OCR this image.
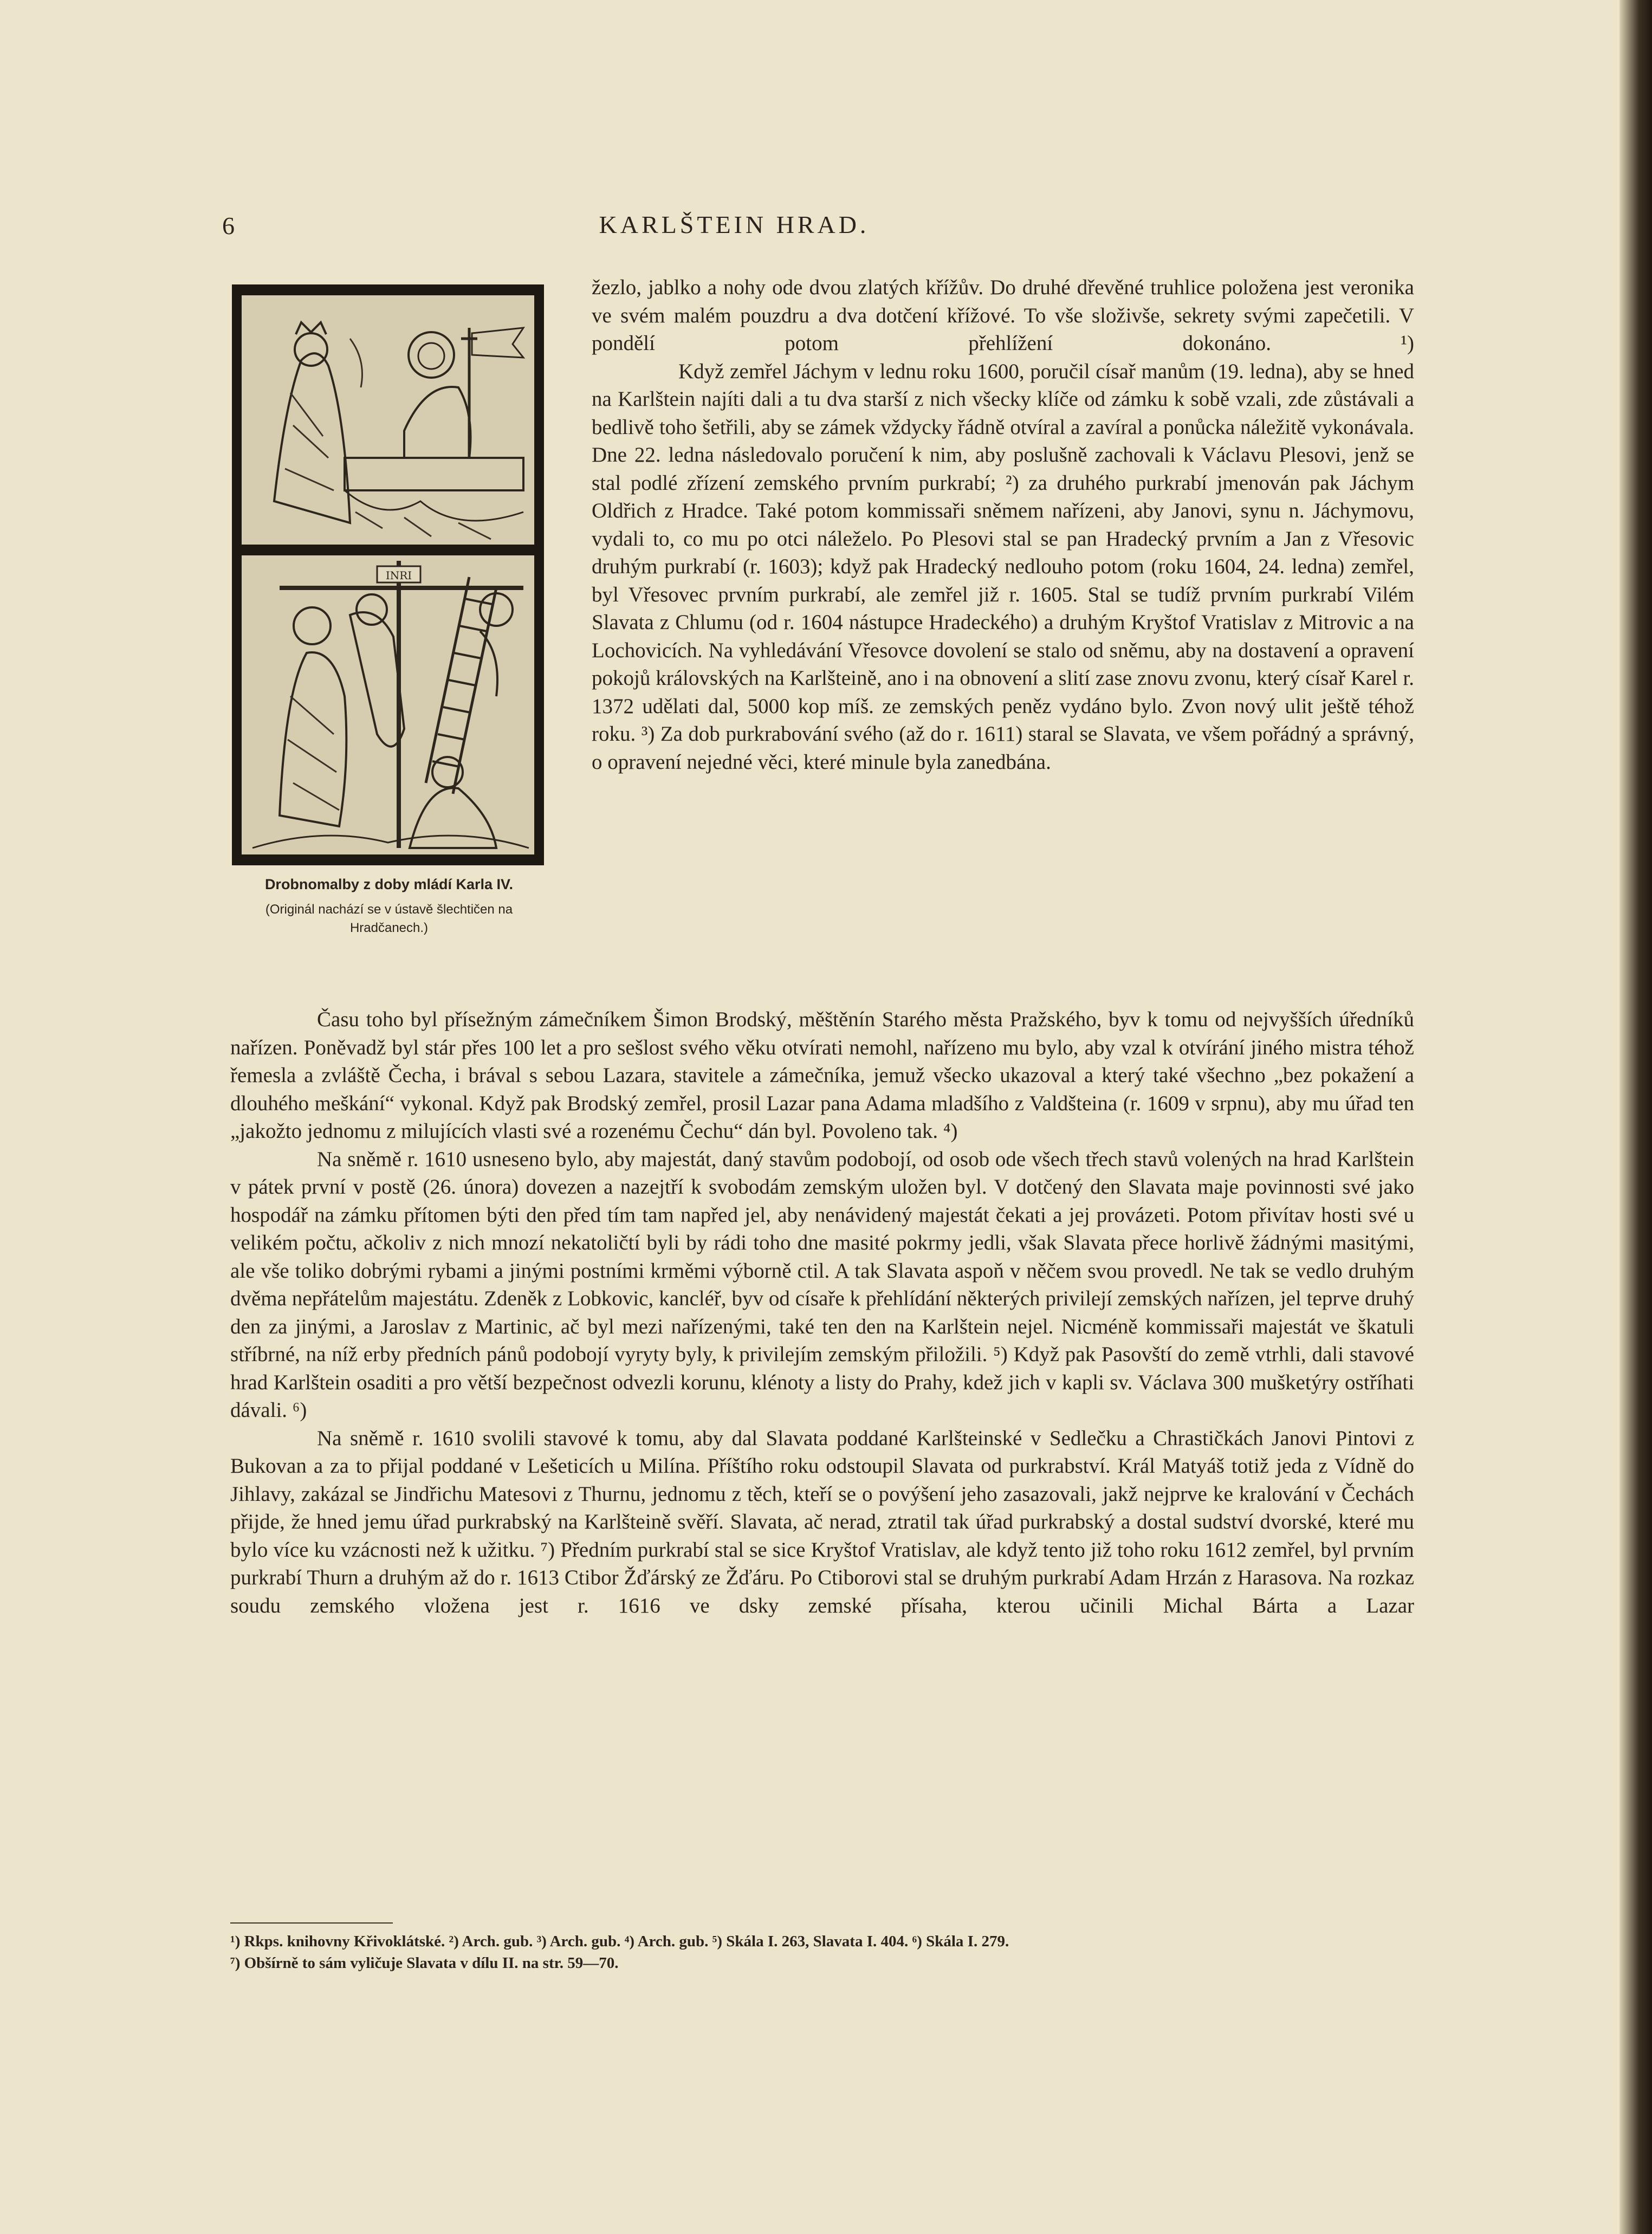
6	KARLŠTEIN HRAD.
INRI
Drobnomalby z doby mládí Karla IV.
(Originál nachází se v ústavě šlechtičen na Hradčanech.)

žezlo, jablko a nohy ode dvou zlatých křížův. Do druhé dřevěné truhlice položena jest veronika ve svém malém pouzdru a dva dotčení křížové. To vše složivše, sekrety svými zapečetili. V pondělí potom přehlížení dokonáno. ¹)

Když zemřel Jáchym v lednu roku 1600, poručil císař manům (19. ledna), aby se hned na Karlštein najíti dali a tu dva starší z nich všecky klíče od zámku k sobě vzali, zde zůstávali a bedlivě toho šetřili, aby se zámek vždycky řádně otvíral a zavíral a ponůcka náležitě vykonávala. Dne 22. ledna následovalo poručení k nim, aby poslušně zachovali k Václavu Plesovi, jenž se stal podlé zřízení zemského prvním purkrabí; ²) za druhého purkrabí jmenován pak Jáchym Oldřich z Hradce. Také potom kommissaři sněmem nařízeni, aby Janovi, synu n. Jáchymovu, vydali to, co mu po otci náleželo. Po Plesovi stal se pan Hradecký prvním a Jan z Vřesovic druhým purkrabí (r. 1603); když pak Hradecký nedlouho potom (roku 1604, 24. ledna) zemřel, byl Vřesovec prvním purkrabí, ale zemřel již r. 1605. Stal se tudíž prvním purkrabí Vilém Slavata z Chlumu (od r. 1604 nástupce Hradeckého) a druhým Kryštof Vratislav z Mitrovic a na Lochovicích. Na vyhledávání Vřesovce dovolení se stalo od sněmu, aby na dostavení a opravení pokojů královských na Karlšteině, ano i na obnovení a slití zase znovu zvonu, který císař Karel r. 1372 udělati dal, 5000 kop míš. ze zemských peněz vydáno bylo. Zvon nový ulit ještě téhož roku. ³) Za dob purkrabování svého (až do r. 1611) staral se Slavata, ve všem pořádný a správný, o opravení nejedné věci, které minule byla zanedbána.

Času toho byl přísežným zámečníkem Šimon Brodský, měštěnín Starého města Pražského, byv k tomu od nejvyšších úředníků nařízen. Poněvadž byl stár přes 100 let a pro sešlost svého věku otvírati nemohl, nařízeno mu bylo, aby vzal k otvírání jiného mistra téhož řemesla a zvláště Čecha, i brával s sebou Lazara, stavitele a zámečníka, jemuž všecko ukazoval a který také všechno „bez pokažení a dlouhého meškání“ vykonal. Když pak Brodský zemřel, prosil Lazar pana Adama mladšího z Valdšteina (r. 1609 v srpnu), aby mu úřad ten „jakožto jednomu z milujících vlasti své a rozenému Čechu“ dán byl. Povoleno tak. ⁴)

Na sněmě r. 1610 usneseno bylo, aby majestát, daný stavům podobojí, od osob ode všech třech stavů volených na hrad Karlštein v pátek první v postě (26. února) dovezen a nazejtří k svobodám zemským uložen byl. V dotčený den Slavata maje povinnosti své jako hospodář na zámku přítomen býti den před tím tam napřed jel, aby nenávidený majestát čekati a jej provázeti. Potom přivítav hosti své u velikém počtu, ačkoliv z nich mnozí nekatoličtí byli by rádi toho dne masité pokrmy jedli, však Slavata přece horlivě žádnými masitými, ale vše toliko dobrými rybami a jinými postními krměmi výborně ctil. A tak Slavata aspoň v něčem svou provedl. Ne tak se vedlo druhým dvěma nepřátelům majestátu. Zdeněk z Lobkovic, kancléř, byv od císaře k přehlídání některých privilejí zemských nařízen, jel teprve druhý den za jinými, a Jaroslav z Martinic, ač byl mezi nařízenými, také ten den na Karlštein nejel. Nicméně kommissaři majestát ve škatuli stříbrné, na níž erby předních pánů podobojí vyryty byly, k privilejím zemským přiložili. ⁵) Když pak Pasovští do země vtrhli, dali stavové hrad Karlštein osaditi a pro větší bezpečnost odvezli korunu, klénoty a listy do Prahy, kdež jich v kapli sv. Václava 300 mušketýry ostříhati dávali. ⁶)

Na sněmě r. 1610 svolili stavové k tomu, aby dal Slavata poddané Karlšteinské v Sedlečku a Chrastičkách Janovi Pintovi z Bukovan a za to přijal poddané v Lešeticích u Milína. Příštího roku odstoupil Slavata od purkrabství. Král Matyáš totiž jeda z Vídně do Jihlavy, zakázal se Jindřichu Matesovi z Thurnu, jednomu z těch, kteří se o povýšení jeho zasazovali, jakž nejprve ke kralování v Čechách přijde, že hned jemu úřad purkrabský na Karlšteině svěří. Slavata, ač nerad, ztratil tak úřad purkrabský a dostal sudství dvorské, které mu bylo více ku vzácnosti než k užitku. ⁷) Předním purkrabí stal se sice Kryštof Vratislav, ale když tento již toho roku 1612 zemřel, byl prvním purkrabí Thurn a druhým až do r. 1613 Ctibor Žďárský ze Žďáru. Po Ctiborovi stal se druhým purkrabí Adam Hrzán z Harasova. Na rozkaz soudu zemského vložena jest r. 1616 ve dsky zemské přísaha, kterou učinili Michal Bárta a Lazar

¹) Rkps. knihovny Křivoklátské. ²) Arch. gub. ³) Arch. gub. ⁴) Arch. gub. ⁵) Skála I. 263, Slavata I. 404. ⁶) Skála I. 279.

⁷) Obšírně to sám vyličuje Slavata v dílu II. na str. 59—70.
